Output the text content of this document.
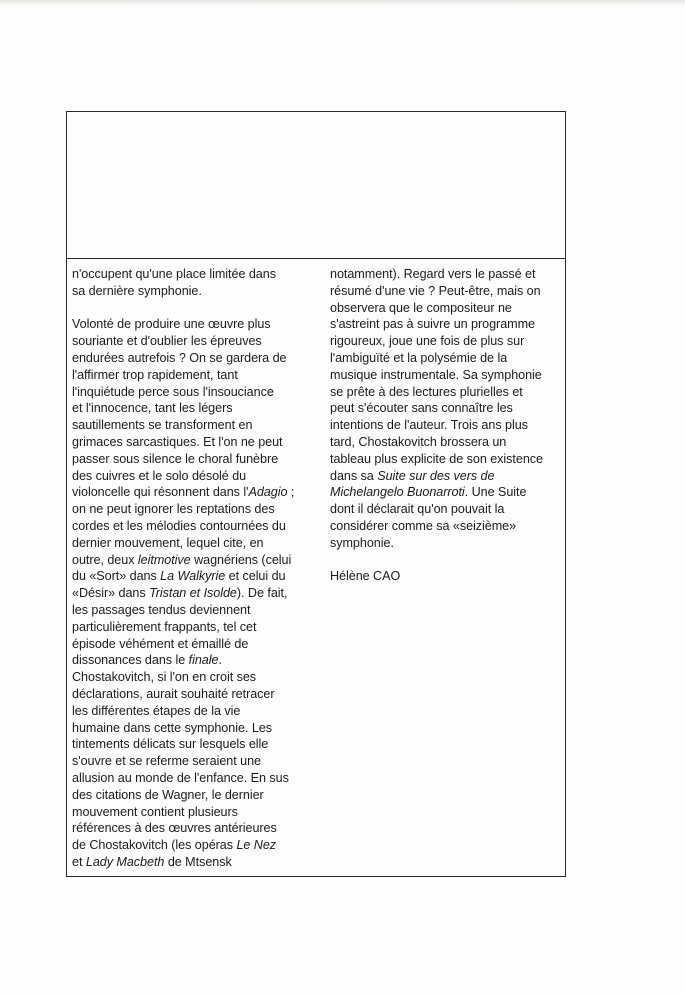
n'occupent qu'une place limitée dans
sa dernière symphonie.
Volonté de produire une œuvre plus
souriante et d'oublier les épreuves
endurées autrefois ? On se gardera de
l'affirmer trop rapidement, tant
l'inquiétude perce sous l'insouciance
et l'innocence, tant les légers
sautillements se transforment en
grimaces sarcastiques. Et l'on ne peut
passer sous silence le choral funèbre
des cuivres et le solo désolé du
violoncelle qui résonnent dans l'Adagio ;
on ne peut ignorer les reptations des
cordes et les mélodies contournées du
dernier mouvement, lequel cite, en
outre, deux leitmotive wagnériens (celui
du «Sort» dans La Walkyrie et celui du
«Désir» dans Tristan et Isolde). De fait,
les passages tendus deviennent
particulièrement frappants, tel cet
épisode véhément et émaillé de
dissonances dans le finale.
Chostakovitch, si l'on en croit ses
déclarations, aurait souhaité retracer
les différentes étapes de la vie
humaine dans cette symphonie. Les
tintements délicats sur lesquels elle
s'ouvre et se referme seraient une
allusion au monde de l'enfance. En sus
des citations de Wagner, le dernier
mouvement contient plusieurs
références à des œuvres antérieures
de Chostakovitch (les opéras Le Nez
et Lady Macbeth de Mtsensk
notamment). Regard vers le passé et
résumé d'une vie ? Peut-être, mais on
observera que le compositeur ne
s'astreint pas à suivre un programme
rigoureux, joue une fois de plus sur
l'ambiguïté et la polysémie de la
musique instrumentale. Sa symphonie
se prête à des lectures plurielles et
peut s'écouter sans connaître les
intentions de l'auteur. Trois ans plus
tard, Chostakovitch brossera un
tableau plus explicite de son existence
dans sa Suite sur des vers de
Michelangelo Buonarroti. Une Suite
dont il déclarait qu'on pouvait la
considérer comme sa «seizième»
symphonie.
Hélène CAO
